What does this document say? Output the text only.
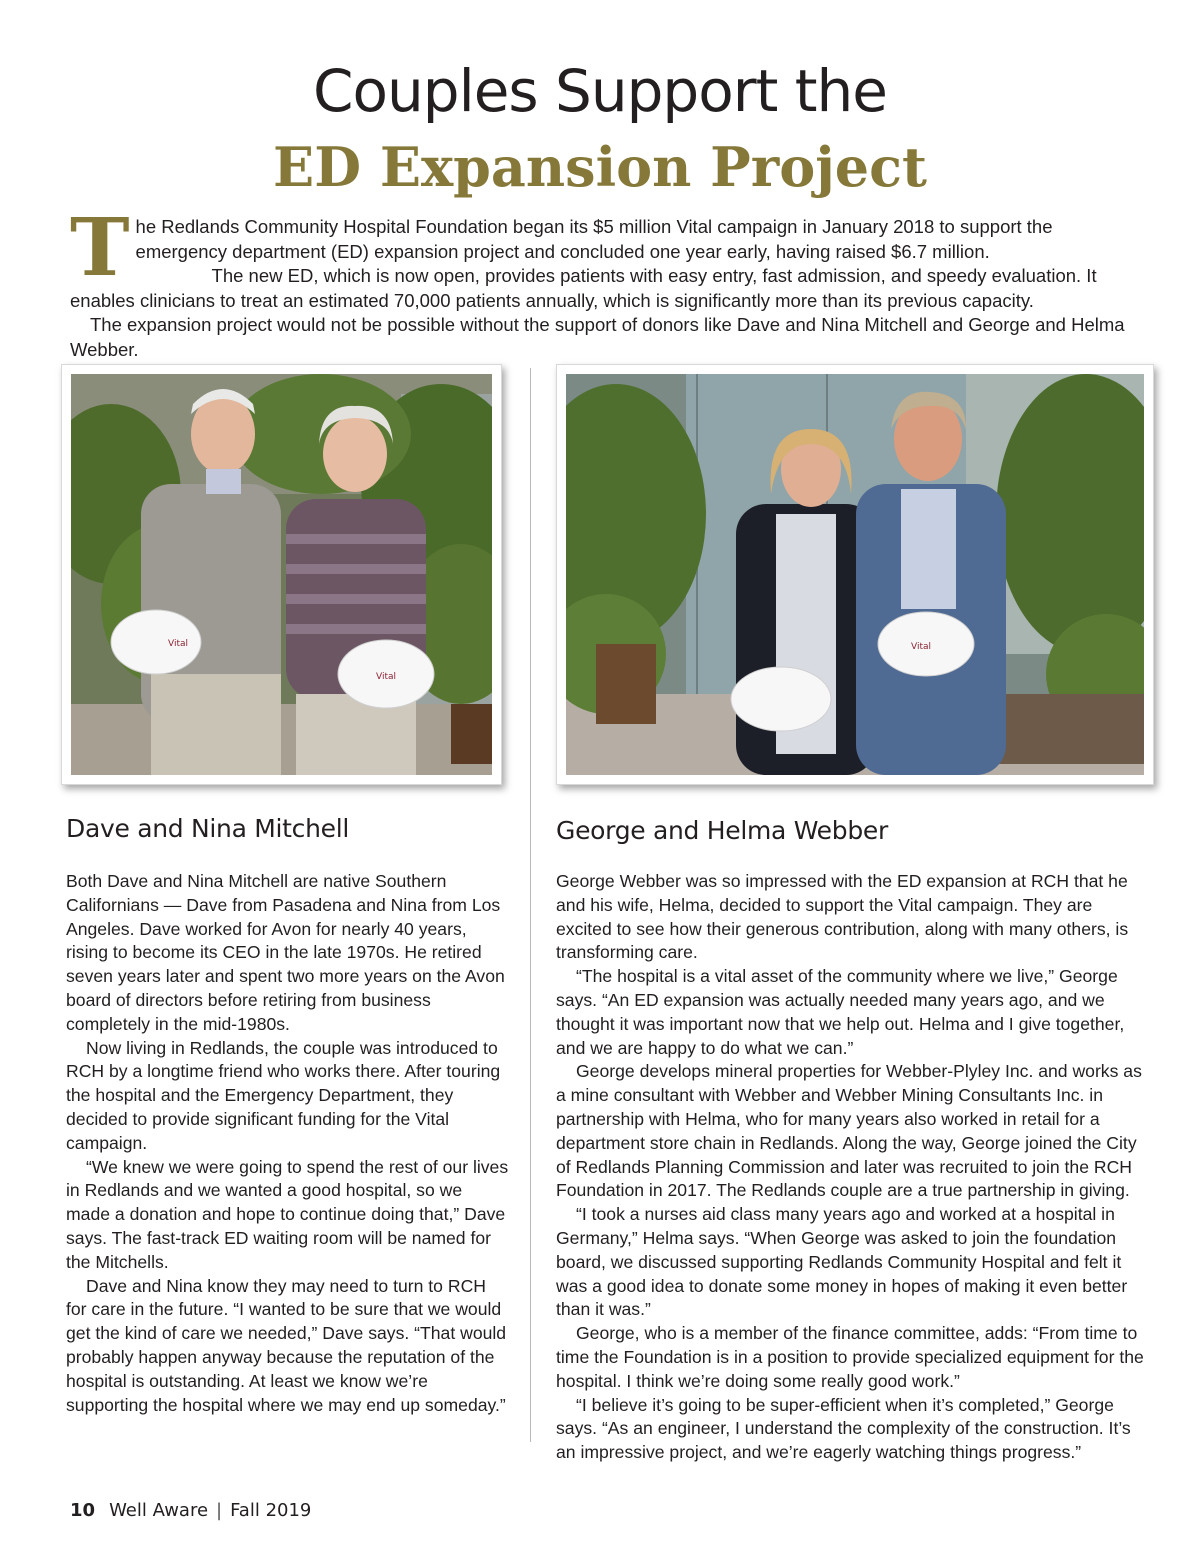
Couples Support the
ED Expansion Project

The Redlands Community Hospital Foundation began its $5 million Vital campaign in January 2018 to support the emergency department (ED) expansion project and concluded one year early, having raised $6.7 million.

The new ED, which is now open, provides patients with easy entry, fast admission, and speedy evaluation. It enables clinicians to treat an estimated 70,000 patients annually, which is significantly more than its previous capacity.

The expansion project would not be possible without the support of donors like Dave and Nina Mitchell and George and Helma Webber.

Vital
Vital
Vital
Dave and Nina Mitchell

Both Dave and Nina Mitchell are native Southern Californians — Dave from Pasadena and Nina from Los Angeles. Dave worked for Avon for nearly 40 years, rising to become its CEO in the late 1970s. He retired seven years later and spent two more years on the Avon board of directors before retiring from business completely in the mid-1980s.

Now living in Redlands, the couple was introduced to RCH by a longtime friend who works there. After touring the hospital and the Emergency Department, they decided to provide significant funding for the Vital campaign.

“We knew we were going to spend the rest of our lives in Redlands and we wanted a good hospital, so we made a donation and hope to continue doing that,” Dave says. The fast-track ED waiting room will be named for the Mitchells.

Dave and Nina know they may need to turn to RCH for care in the future. “I wanted to be sure that we would get the kind of care we needed,” Dave says. “That would probably happen anyway because the reputation of the hospital is outstanding. At least we know we’re supporting the hospital where we may end up someday.”

George and Helma Webber

George Webber was so impressed with the ED expansion at RCH that he and his wife, Helma, decided to support the Vital campaign. They are excited to see how their generous contribution, along with many others, is transforming care.

“The hospital is a vital asset of the community where we live,” George says. “An ED expansion was actually needed many years ago, and we thought it was important now that we help out. Helma and I give together, and we are happy to do what we can.”

George develops mineral properties for Webber-Plyley Inc. and works as a mine consultant with Webber and Webber Mining Consultants Inc. in partnership with Helma, who for many years also worked in retail for a department store chain in Redlands. Along the way, George joined the City of Redlands Planning Commission and later was recruited to join the RCH Foundation in 2017. The Redlands couple are a true partnership in giving.

“I took a nurses aid class many years ago and worked at a hospital in Germany,” Helma says. “When George was asked to join the foundation board, we discussed supporting Redlands Community Hospital and felt it was a good idea to donate some money in hopes of making it even better than it was.”

George, who is a member of the finance committee, adds: “From time to time the Foundation is in a position to provide specialized equipment for the hospital. I think we’re doing some really good work.”

“I believe it’s going to be super-efficient when it’s completed,” George says. “As an engineer, I understand the complexity of the construction. It’s an impressive project, and we’re eagerly watching things progress.”

10 Well Aware | Fall 2019
